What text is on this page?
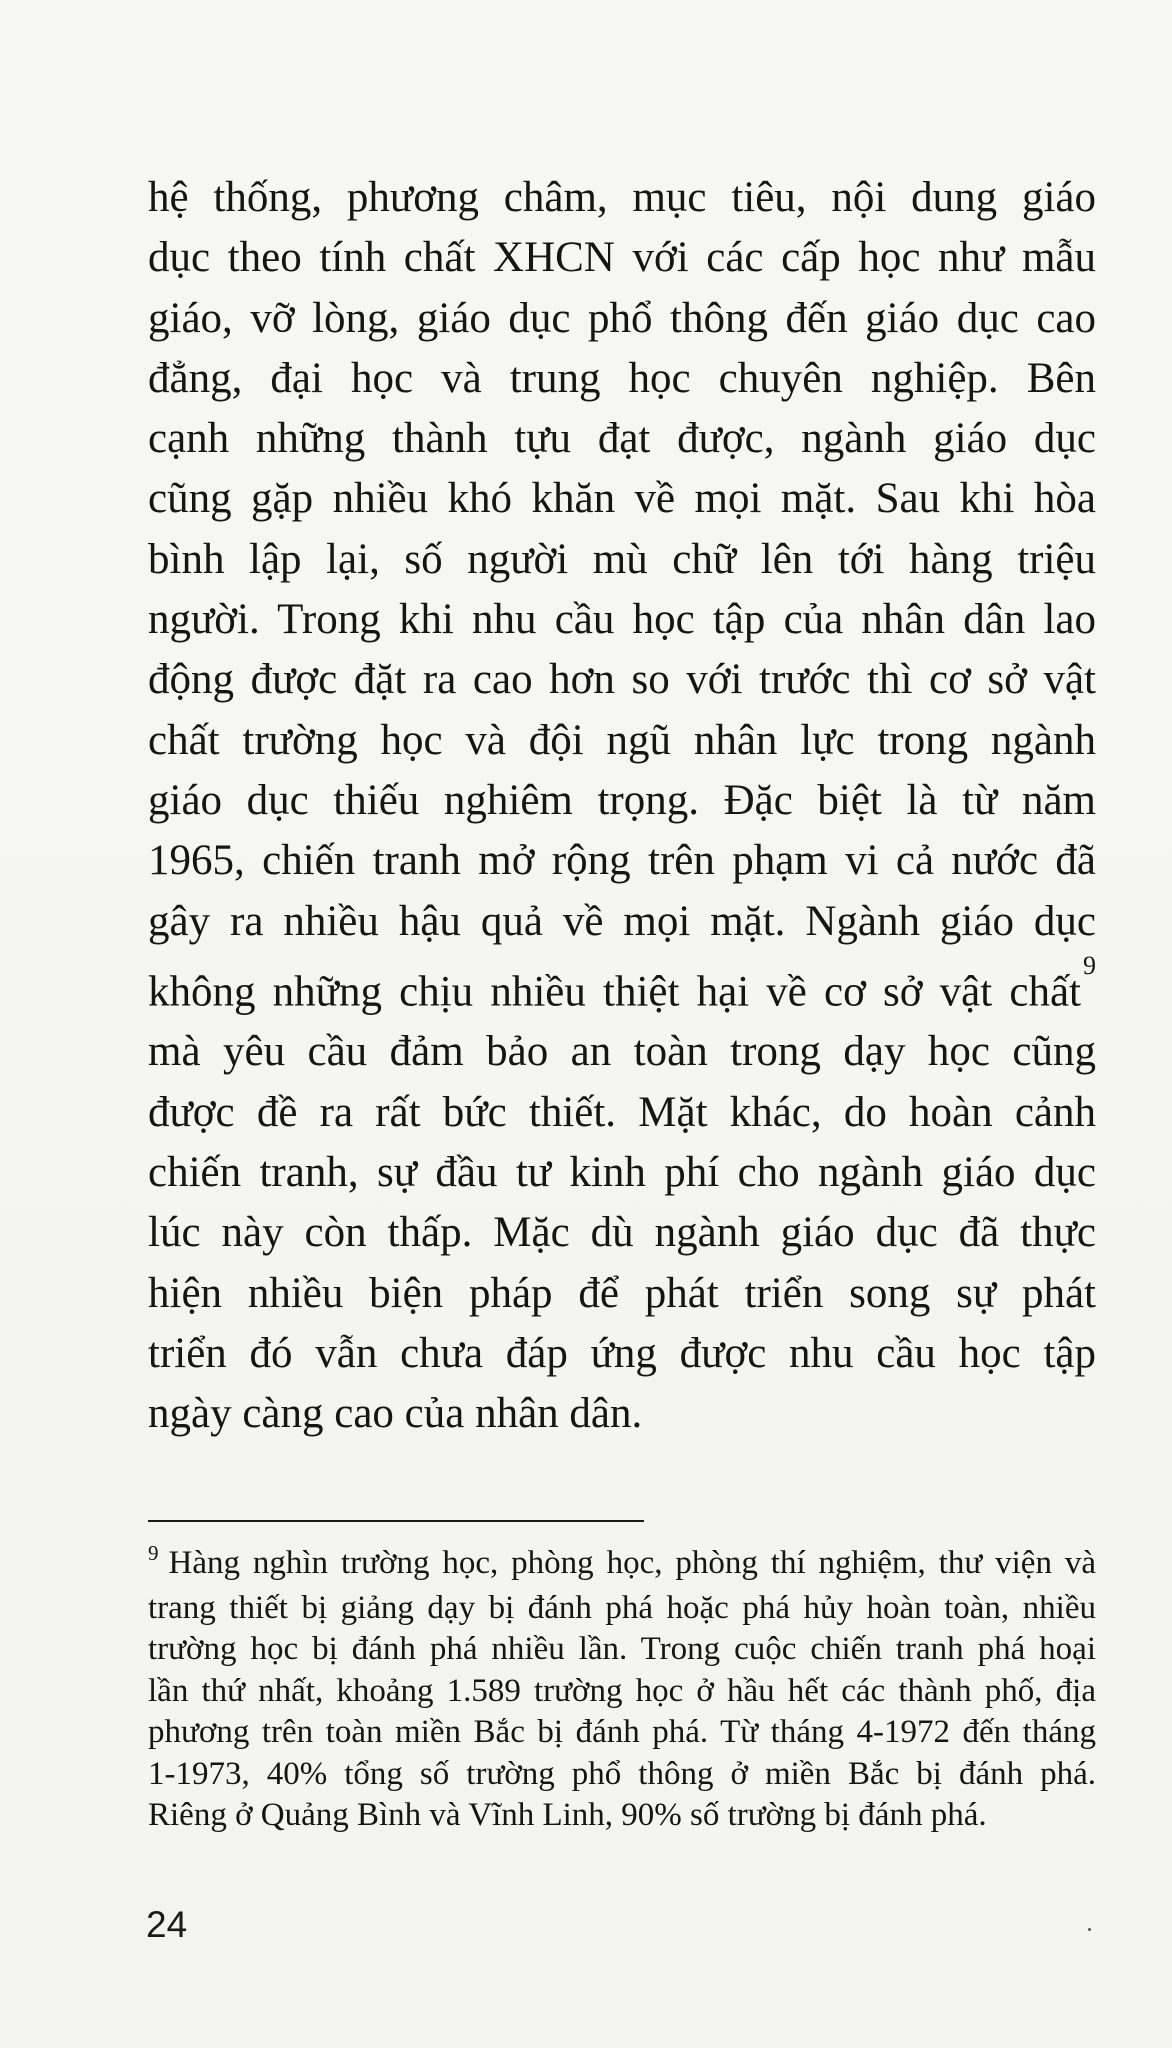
hệ thống, phương châm, mục tiêu, nội dung giáo
dục theo tính chất XHCN với các cấp học như mẫu
giáo, vỡ lòng, giáo dục phổ thông đến giáo dục cao
đẳng, đại học và trung học chuyên nghiệp. Bên
cạnh những thành tựu đạt được, ngành giáo dục
cũng gặp nhiều khó khăn về mọi mặt. Sau khi hòa
bình lập lại, số người mù chữ lên tới hàng triệu
người. Trong khi nhu cầu học tập của nhân dân lao
động được đặt ra cao hơn so với trước thì cơ sở vật
chất trường học và đội ngũ nhân lực trong ngành
giáo dục thiếu nghiêm trọng. Đặc biệt là từ năm
1965, chiến tranh mở rộng trên phạm vi cả nước đã
gây ra nhiều hậu quả về mọi mặt. Ngành giáo dục
không những chịu nhiều thiệt hại về cơ sở vật chất$^9$
mà yêu cầu đảm bảo an toàn trong dạy học cũng
được đề ra rất bức thiết. Mặt khác, do hoàn cảnh
chiến tranh, sự đầu tư kinh phí cho ngành giáo dục
lúc này còn thấp. Mặc dù ngành giáo dục đã thực
hiện nhiều biện pháp để phát triển song sự phát
triển đó vẫn chưa đáp ứng được nhu cầu học tập
ngày càng cao của nhân dân.
$^9$ Hàng nghìn trường học, phòng học, phòng thí nghiệm, thư viện và
trang thiết bị giảng dạy bị đánh phá hoặc phá hủy hoàn toàn, nhiều
trường học bị đánh phá nhiều lần. Trong cuộc chiến tranh phá hoại
lần thứ nhất, khoảng 1.589 trường học ở hầu hết các thành phố, địa
phương trên toàn miền Bắc bị đánh phá. Từ tháng 4-1972 đến tháng
1-1973, 40% tổng số trường phổ thông ở miền Bắc bị đánh phá.
Riêng ở Quảng Bình và Vĩnh Linh, 90% số trường bị đánh phá.
24
